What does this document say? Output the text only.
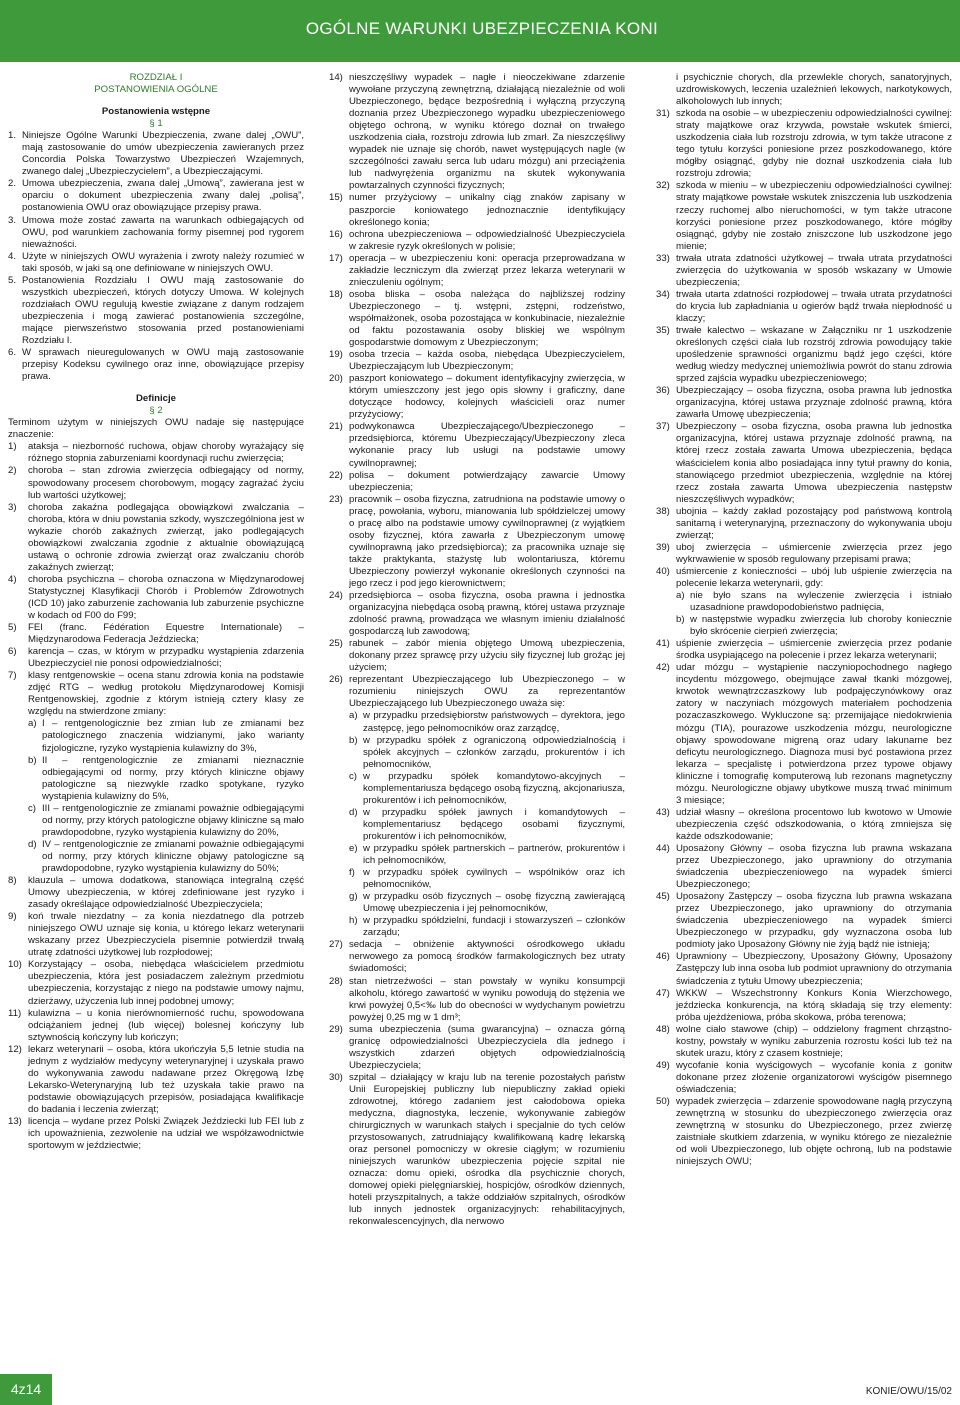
OGÓLNE WARUNKI UBEZPIECZENIA KONI

ROZDZIAŁ I

POSTANOWIENIA OGÓLNE

Postanowienia wstępne

§ 1

1. Niniejsze Ogólne Warunki Ubezpieczenia, zwane dalej „OWU”, mają zastosowanie do umów ubezpieczenia zawieranych przez Concordia Polska Towarzystwo Ubezpieczeń Wzajemnych, zwanego dalej „Ubezpieczycielem”, a Ubezpieczającymi.
2. Umowa ubezpieczenia, zwana dalej „Umową”, zawierana jest w oparciu o dokument ubezpieczenia zwany dalej „polisą”, postanowienia OWU oraz obowiązujące przepisy prawa.
3. Umowa może zostać zawarta na warunkach odbiegających od OWU, pod warunkiem zachowania formy pisemnej pod rygorem nieważności.
4. Użyte w niniejszych OWU wyrażenia i zwroty należy rozumieć w taki sposób, w jaki są one definiowane w niniejszych OWU.
5. Postanowienia Rozdziału I OWU mają zastosowanie do wszystkich ubezpieczeń, których dotyczy Umowa. W kolejnych rozdziałach OWU regulują kwestie związane z danym rodzajem ubezpieczenia i mogą zawierać postanowienia szczególne, mające pierwszeństwo stosowania przed postanowieniami Rozdziału I.
6. W sprawach nieuregulowanych w OWU mają zastosowanie przepisy Kodeksu cywilnego oraz inne, obowiązujące przepisy prawa.

Definicje

§ 2

Terminom użytym w niniejszych OWU nadaje się następujące znaczenie:

1)	ataksja – niezborność ruchowa, objaw choroby wyrażający się różnego stopnia zaburzeniami koordynacji ruchu zwierzęcia;
2)	choroba – stan zdrowia zwierzęcia odbiegający od normy, spowodowany procesem chorobowym, mogący zagrażać życiu lub wartości użytkowej;
3)	choroba zakaźna podlegająca obowiązkowi zwalczania – choroba, która w dniu powstania szkody, wyszczególniona jest w wykazie chorób zakaźnych zwierząt, jako podlegających obowiązkowi zwalczania zgodnie z aktualnie obowiązującą ustawą o ochronie zdrowia zwierząt oraz zwalczaniu chorób zakaźnych zwierząt;
4)	choroba psychiczna – choroba oznaczona w Międzynarodowej Statystycznej Klasyfikacji Chorób i Problemów Zdrowotnych (ICD 10) jako zaburzenie zachowania lub zaburzenie psychiczne w kodach od F00 do F99;
5)	FEI (franc. Fédération Equestre Internationale) – Międzynarodowa Federacja Jeździecka;
6)	karencja – czas, w którym w przypadku wystąpienia zdarzenia Ubezpieczyciel nie ponosi odpowiedzialności;
7)	klasy rentgenowskie – ocena stanu zdrowia konia na podstawie zdjęć RTG – według protokołu Międzynarodowej Komisji Rentgenowskiej, zgodnie z którym istnieją cztery klasy ze względu na stwierdzone zmiany:
a) I – rentgenologicznie bez zmian lub ze zmianami bez patologicznego znaczenia widzianymi, jako warianty fizjologiczne, ryzyko wystąpienia kulawizny do 3%,
b) II – rentgenologicznie ze zmianami nieznacznie odbiegającymi od normy, przy których kliniczne objawy patologiczne są niezwykle rzadko spotykane, ryzyko wystąpienia kulawizny do 5%,
c) III – rentgenologicznie ze zmianami poważnie odbiegającymi od normy, przy których patologiczne objawy kliniczne są mało prawdopodobne, ryzyko wystąpienia kulawizny do 20%,
d) IV – rentgenologicznie ze zmianami poważnie odbiegającymi od normy, przy których kliniczne objawy patologiczne są prawdopodobne, ryzyko wystąpienia kulawizny do 50%;
8)	klauzula – umowa dodatkowa, stanowiąca integralną część Umowy ubezpieczenia, w której zdefiniowane jest ryzyko i zasady określające odpowiedzialność Ubezpieczyciela;
9)	koń trwale niezdatny – za konia niezdatnego dla potrzeb niniejszego OWU uznaje się konia, u którego lekarz weterynarii wskazany przez Ubezpieczyciela pisemnie potwierdził trwałą utratę zdatności użytkowej lub rozpłodowej;
10) Korzystający – osoba, niebędąca właścicielem przedmiotu ubezpieczenia, która jest posiadaczem zależnym przedmiotu ubezpieczenia, korzystając z niego na podstawie umowy najmu, dzierżawy, użyczenia lub innej podobnej umowy;
11) kulawizna – u konia nierównomierność ruchu, spowodowana odciążaniem jednej (lub więcej) bolesnej kończyny lub sztywnością kończyny lub kończyn;
12) lekarz weterynarii – osoba, która ukończyła 5,5 letnie studia na jednym z wydziałów medycyny weterynaryjnej i uzyskała prawo do wykonywania zawodu nadawane przez Okręgową Izbę Lekarsko-Weterynaryjną lub też uzyskała takie prawo na podstawie obowiązujących przepisów, posiadająca kwalifikacje do badania i leczenia zwierząt;
13) licencja – wydane przez Polski Związek Jeździecki lub FEI lub z ich upoważnienia, zezwolenie na udział we współzawodnictwie sportowym w jeździectwie;
14) nieszczęśliwy wypadek – nagłe i nieoczekiwane zdarzenie wywołane przyczyną zewnętrzną, działającą niezależnie od woli Ubezpieczonego, będące bezpośrednią i wyłączną przyczyną doznania przez Ubezpieczonego wypadku ubezpieczeniowego objętego ochroną, w wyniku którego doznał on trwałego uszkodzenia ciała, rozstroju zdrowia lub zmarł. Za nieszczęśliwy wypadek nie uznaje się chorób, nawet występujących nagle (w szczególności zawału serca lub udaru mózgu) ani przeciążenia lub nadwyrężenia organizmu na skutek wykonywania powtarzalnych czynności fizycznych;
15) numer przyżyciowy – unikalny ciąg znaków zapisany w paszporcie koniowatego jednoznacznie identyfikujący określonego konia;
16) ochrona ubezpieczeniowa – odpowiedzialność Ubezpieczyciela w zakresie ryzyk określonych w polisie;
17) operacja – w ubezpieczeniu koni: operacja przeprowadzana w zakładzie leczniczym dla zwierząt przez lekarza weterynarii w znieczuleniu ogólnym;
18) osoba bliska – osoba należąca do najbliższej rodziny Ubezpieczonego – tj. wstępni, zstępni, rodzeństwo, współmałżonek, osoba pozostająca w konkubinacie, niezależnie od faktu pozostawania osoby bliskiej we wspólnym gospodarstwie domowym z Ubezpieczonym;
19) osoba trzecia – każda osoba, niebędąca Ubezpieczycielem, Ubezpieczającym lub Ubezpieczonym;
20) paszport koniowatego – dokument identyfikacyjny zwierzęcia, w którym umieszczony jest jego opis słowny i graficzny, dane dotyczące hodowcy, kolejnych właścicieli oraz numer przyżyciowy;
21) podwykonawca Ubezpieczającego/Ubezpieczonego – przedsiębiorca, któremu Ubezpieczający/Ubezpieczony zleca wykonanie pracy lub usługi na podstawie umowy cywilnoprawnej;
22) polisa – dokument potwierdzający zawarcie Umowy ubezpieczenia;
23) pracownik – osoba fizyczna, zatrudniona na podstawie umowy o pracę, powołania, wyboru, mianowania lub spółdzielczej umowy o pracę albo na podstawie umowy cywilnoprawnej (z wyjątkiem osoby fizycznej, która zawarła z Ubezpieczonym umowę cywilnoprawną jako przedsiębiorca); za pracownika uznaje się także praktykanta, stażystę lub wolontariusza, któremu Ubezpieczony powierzył wykonanie określonych czynności na jego rzecz i pod jego kierownictwem;
24) przedsiębiorca – osoba fizyczna, osoba prawna i jednostka organizacyjna niebędąca osobą prawną, której ustawa przyznaje zdolność prawną, prowadząca we własnym imieniu działalność gospodarczą lub zawodową;
25) rabunek – zabór mienia objętego Umową ubezpieczenia, dokonany przez sprawcę przy użyciu siły fizycznej lub groźąc jej użyciem;
26) reprezentant Ubezpieczającego lub Ubezpieczonego – w rozumieniu niniejszych OWU za reprezentantów Ubezpieczającego lub Ubezpieczonego uważa się:
a) w przypadku przedsiębiorstw państwowych – dyrektora, jego zastępcę, jego pełnomocników oraz zarządcę,
b) w przypadku spółek z ograniczoną odpowiedzialnością i spółek akcyjnych – członków zarządu, prokurentów i ich pełnomocników,
c) w przypadku spółek komandytowo-akcyjnych – komplementariusza będącego osobą fizyczną, akcjonariusza, prokurentów i ich pełnomocników,
d) w przypadku spółek jawnych i komandytowych – komplementariusz będącego osobami fizycznymi, prokurentów i ich pełnomocników,
e) w przypadku spółek partnerskich – partnerów, prokurentów i ich pełnomocników,
f) w przypadku spółek cywilnych – wspólników oraz ich pełnomocników,
g) w przypadku osób fizycznych – osobę fizyczną zawierającą Umowę ubezpieczenia i jej pełnomocników,
h) w przypadku spółdzielni, fundacji i stowarzyszeń – członków zarządu;
27) sedacja – obniżenie aktywności ośrodkowego układu nerwowego za pomocą środków farmakologicznych bez utraty świadomości;
28) stan nietrzeźwości – stan powstały w wyniku konsumpcji alkoholu, którego zawartość w wyniku powodują do stężenia we krwi powyżej 0,5<‰ lub do obecności w wydychanym powietrzu powyżej 0,25 mg w 1 dm³;
29) suma ubezpieczenia (suma gwarancyjna) – oznacza górną granicę odpowiedzialności Ubezpieczyciela dla jednego i wszystkich zdarzeń objętych odpowiedzialnością Ubezpieczyciela;
30) szpital – działający w kraju lub na terenie pozostałych państw Unii Europejskiej publiczny lub niepubliczny zakład opieki zdrowotnej, którego zadaniem jest całodobowa opieka medyczna, diagnostyka, leczenie, wykonywanie zabiegów chirurgicznych w warunkach stałych i specjalnie do tych celów przystosowanych, zatrudniający kwalifikowaną kadrę lekarską oraz personel pomocniczy w okresie ciągłym; w rozumieniu niniejszych warunków ubezpieczenia pojęcie szpital nie oznacza: domu opieki, ośrodka dla psychicznie chorych, domowej opieki pielęgniarskiej, hospicjów, ośrodków dziennych, hoteli przyszpitalnych, a także oddziałów szpitalnych, ośrodków lub innych jednostek organizacyjnych: rehabilitacyjnych, rekonwalescencyjnych, dla nerwowo
i psychicznie chorych, dla przewlekle chorych, sanatoryjnych, uzdrowiskowych, leczenia uzależnień lekowych, narkotykowych, alkoholowych lub innych;
31) szkoda na osobie – w ubezpieczeniu odpowiedzialności cywilnej: straty majątkowe oraz krzywda, powstałe wskutek śmierci, uszkodzenia ciała lub rozstroju zdrowia, w tym także utracone z tego tytułu korzyści poniesione przez poszkodowanego, które mógłby osiągnąć, gdyby nie doznał uszkodzenia ciała lub rozstroju zdrowia;
32) szkoda w mieniu – w ubezpieczeniu odpowiedzialności cywilnej: straty majątkowe powstałe wskutek zniszczenia lub uszkodzenia rzeczy ruchomej albo nieruchomości, w tym także utracone korzyści poniesione przez poszkodowanego, które mógłby osiągnąć, gdyby nie zostało zniszczone lub uszkodzone jego mienie;
33) trwała utrata zdatności użytkowej – trwała utrata przydatności zwierzęcia do użytkowania w sposób wskazany w Umowie ubezpieczenia;
34) trwała utarta zdatności rozpłodowej – trwała utrata przydatności do krycia lub zapładniania u ogierów bądź trwała niepłodność u klaczy;
35) trwałe kalectwo – wskazane w Załączniku nr 1 uszkodzenie określonych części ciała lub rozstrój zdrowia powodujący takie upośledzenie sprawności organizmu bądź jego części, które według wiedzy medycznej uniemożliwia powrót do stanu zdrowia sprzed zajścia wypadku ubezpieczeniowego;
36) Ubezpieczający – osoba fizyczna, osoba prawna lub jednostka organizacyjna, której ustawa przyznaje zdolność prawną, która zawarła Umowę ubezpieczenia;
37) Ubezpieczony – osoba fizyczna, osoba prawna lub jednostka organizacyjna, której ustawa przyznaje zdolność prawną, na której rzecz została zawarta Umowa ubezpieczenia, będąca właścicielem konia albo posiadająca inny tytuł prawny do konia, stanowiącego przedmiot ubezpieczenia, względnie na której rzecz została zawarta Umowa ubezpieczenia następstw nieszczęśliwych wypadków;
38) ubojnia – każdy zakład pozostający pod państwową kontrolą sanitarną i weterynaryjną, przeznaczony do wykonywania uboju zwierząt;
39) uboj zwierzęcia – uśmiercenie zwierzęcia przez jego wykrwawienie w sposób regulowany przepisami prawa;
40) uśmiercenie z konieczności – ubój lub uśpienie zwierzęcia na polecenie lekarza weterynarii, gdy:
a) nie było szans na wyleczenie zwierzęcia i istniało uzasadnione prawdopodobieństwo padnięcia,
b) w następstwie wypadku zwierzęcia lub choroby koniecznie było skrócenie cierpień zwierzęcia;
41) uśpienie zwierzęcia – uśmiercenie zwierzęcia przez podanie środka usypiającego na polecenie i przez lekarza weterynarii;
42) udar mózgu – wystąpienie naczyniopochodnego nagłego incydentu mózgowego, obejmujące zawał tkanki mózgowej, krwotok wewnątrzczaszkowy lub podpajęczynówkowy oraz zatory w naczyniach mózgowych materiałem pochodzenia pozaczaszkowego. Wykluczone są: przemijające niedokrwienia mózgu (TIA), pourazowe uszkodzenia mózgu, neurologiczne objawy spowodowane migreną oraz udary lakunarne bez deficytu neurologicznego. Diagnoza musi być postawiona przez lekarza – specjalistę i potwierdzona przez typowe objawy kliniczne i tomografię komputerową lub rezonans magnetyczny mózgu. Neurologiczne objawy ubytkowe muszą trwać minimum 3 miesiące;
43) udział własny – określona procentowo lub kwotowo w Umowie ubezpieczenia część odszkodowania, o którą zmniejsza się każde odszkodowanie;
44) Uposażony Główny – osoba fizyczna lub prawna wskazana przez Ubezpieczonego, jako uprawniony do otrzymania świadczenia ubezpieczeniowego na wypadek śmierci Ubezpieczonego;
45) Uposażony Zastępczy – osoba fizyczna lub prawna wskazana przez Ubezpieczonego, jako uprawniony do otrzymania świadczenia ubezpieczeniowego na wypadek śmierci Ubezpieczonego w przypadku, gdy wyznaczona osoba lub podmioty jako Uposażony Główny nie żyją bądź nie istnieją;
46) Uprawniony – Ubezpieczony, Uposażony Główny, Uposażony Zastępczy lub inna osoba lub podmiot uprawniony do otrzymania świadczenia z tytułu Umowy ubezpieczenia;
47) WKKW – Wszechstronny Konkurs Konia Wierzchowego, jeździecka konkurencja, na którą składają się trzy elementy: próba ujeżdżeniowa, próba skokowa, próba terenowa;
48) wolne ciało stawowe (chip) – oddzielony fragment chrząstno-kostny, powstały w wyniku zaburzenia rozrostu kości lub też na skutek urazu, który z czasem kostnieje;
49) wycofanie konia wyścigowych – wycofanie konia z gonitw dokonane przez złożenie organizatorowi wyścigów pisemnego oświadczenia;
50) wypadek zwierzęcia – zdarzenie spowodowane nagłą przyczyną zewnętrzną w stosunku do ubezpieczonego zwierzęcia oraz zewnętrzną w stosunku do Ubezpieczonego, przez zwierzę zaistniałe skutkiem zdarzenia, w wyniku którego ze niezależnie od woli Ubezpieczonego, lub objęte ochroną, lub na podstawie niniejszych OWU;
4z14	KONIE/OWU/15/02
